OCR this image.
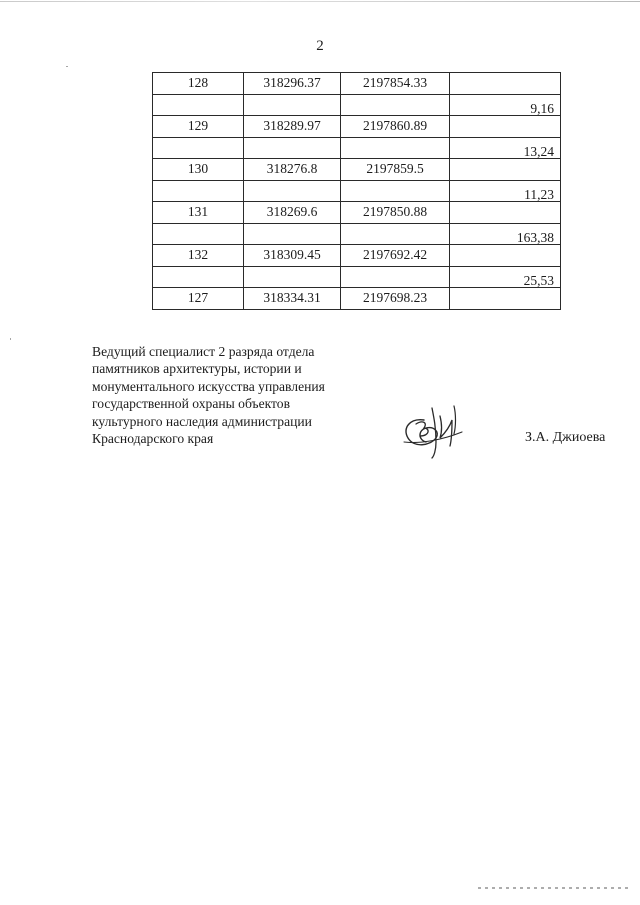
2
128	318296.37	2197854.33	
			9,16
129	318289.97	2197860.89	
			13,24
130	318276.8	2197859.5	
			11,23
131	318269.6	2197850.88	
			163,38
132	318309.45	2197692.42	
			25,53
127	318334.31	2197698.23	
Ведущий специалист 2 разряда отдела
памятников архитектуры, истории и
монументального искусства управления
государственной охраны объектов
культурного наследия администрации
Краснодарского края	З.А. Джиоева
